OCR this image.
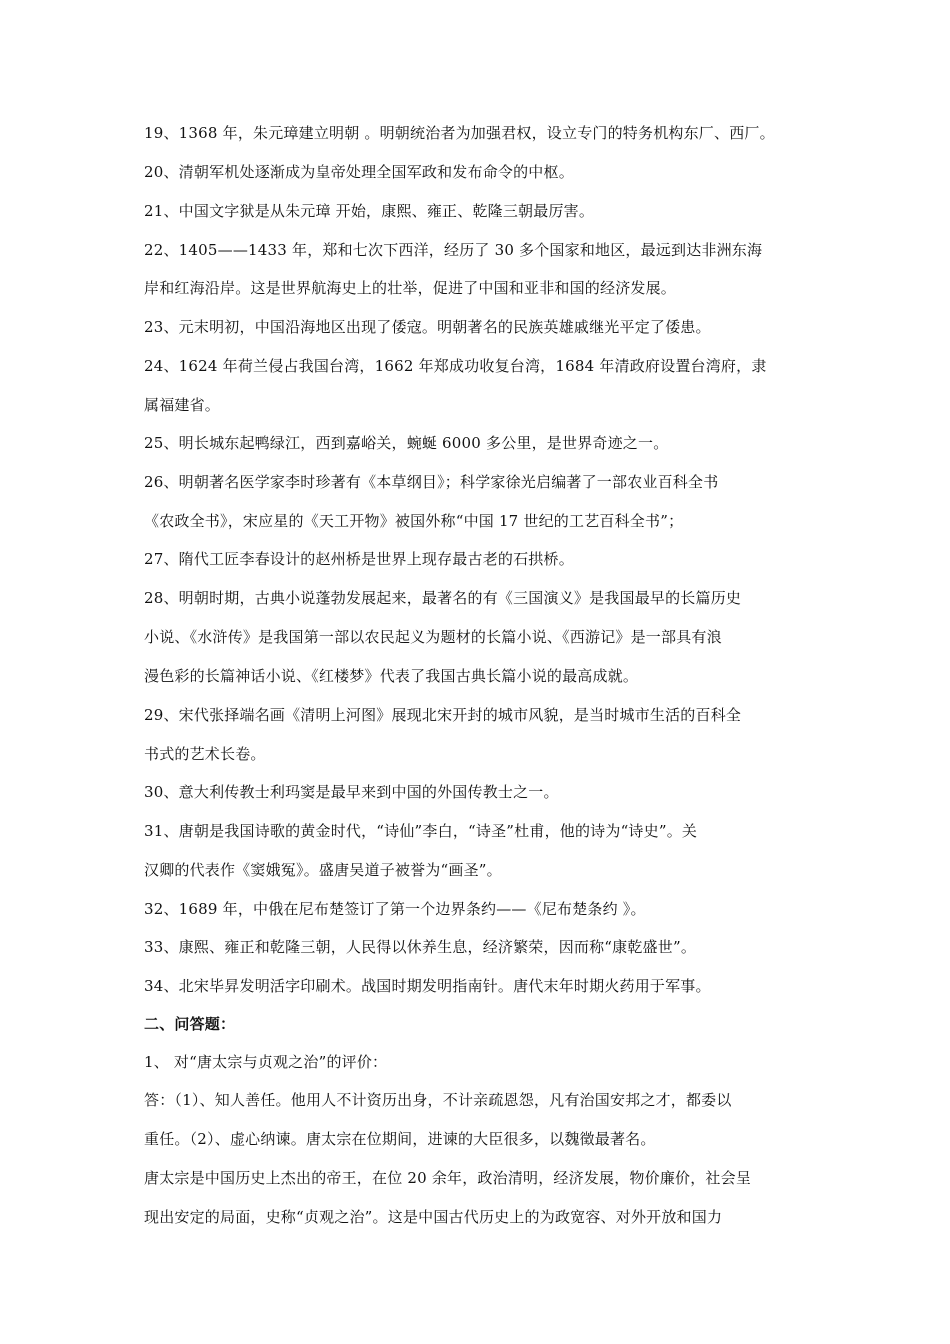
19、1368 年，朱元璋建立明朝 。明朝统治者为加强君权，设立专门的特务机构东厂、西厂。
20、清朝军机处逐渐成为皇帝处理全国军政和发布命令的中枢。
21、中国文字狱是从朱元璋 开始，康熙、雍正、乾隆三朝最厉害。
22、1405——1433 年，郑和七次下西洋，经历了 30 多个国家和地区，最远到达非洲东海
岸和红海沿岸。这是世界航海史上的壮举，促进了中国和亚非和国的经济发展。
23、元末明初，中国沿海地区出现了倭寇。明朝著名的民族英雄戚继光平定了倭患。
24、1624 年荷兰侵占我国台湾，1662 年郑成功收复台湾，1684 年清政府设置台湾府，隶
属福建省。
25、明长城东起鸭绿江，西到嘉峪关，蜿蜒 6000 多公里，是世界奇迹之一。
26、明朝著名医学家李时珍著有《本草纲目》；科学家徐光启编著了一部农业百科全书
《农政全书》，宋应星的《天工开物》被国外称“中国 17 世纪的工艺百科全书”；
27、隋代工匠李春设计的赵州桥是世界上现存最古老的石拱桥。
28、明朝时期，古典小说蓬勃发展起来，最著名的有《三国演义》是我国最早的长篇历史
小说、《水浒传》是我国第一部以农民起义为题材的长篇小说、《西游记》是一部具有浪
漫色彩的长篇神话小说、《红楼梦》代表了我国古典长篇小说的最高成就。
29、宋代张择端名画《清明上河图》展现北宋开封的城市风貌，是当时城市生活的百科全
书式的艺术长卷。
30、意大利传教士利玛窦是最早来到中国的外国传教士之一。
31、唐朝是我国诗歌的黄金时代，“诗仙”李白，“诗圣”杜甫，他的诗为“诗史”。关
汉卿的代表作《窦娥冤》。盛唐吴道子被誉为“画圣”。
32、1689 年，中俄在尼布楚签订了第一个边界条约——《尼布楚条约 》。
33、康熙、雍正和乾隆三朝，人民得以休养生息，经济繁荣，因而称“康乾盛世”。
34、北宋毕昇发明活字印刷术。战国时期发明指南针。唐代末年时期火药用于军事。
二、问答题：
1、 对“唐太宗与贞观之治”的评价：
答：（1）、知人善任。他用人不计资历出身，不计亲疏恩怨，凡有治国安邦之才，都委以
重任。（2）、虚心纳谏。唐太宗在位期间，进谏的大臣很多，以魏徵最著名。
唐太宗是中国历史上杰出的帝王，在位 20 余年，政治清明，经济发展，物价廉价，社会呈
现出安定的局面，史称“贞观之治”。这是中国古代历史上的为政宽容、对外开放和国力
